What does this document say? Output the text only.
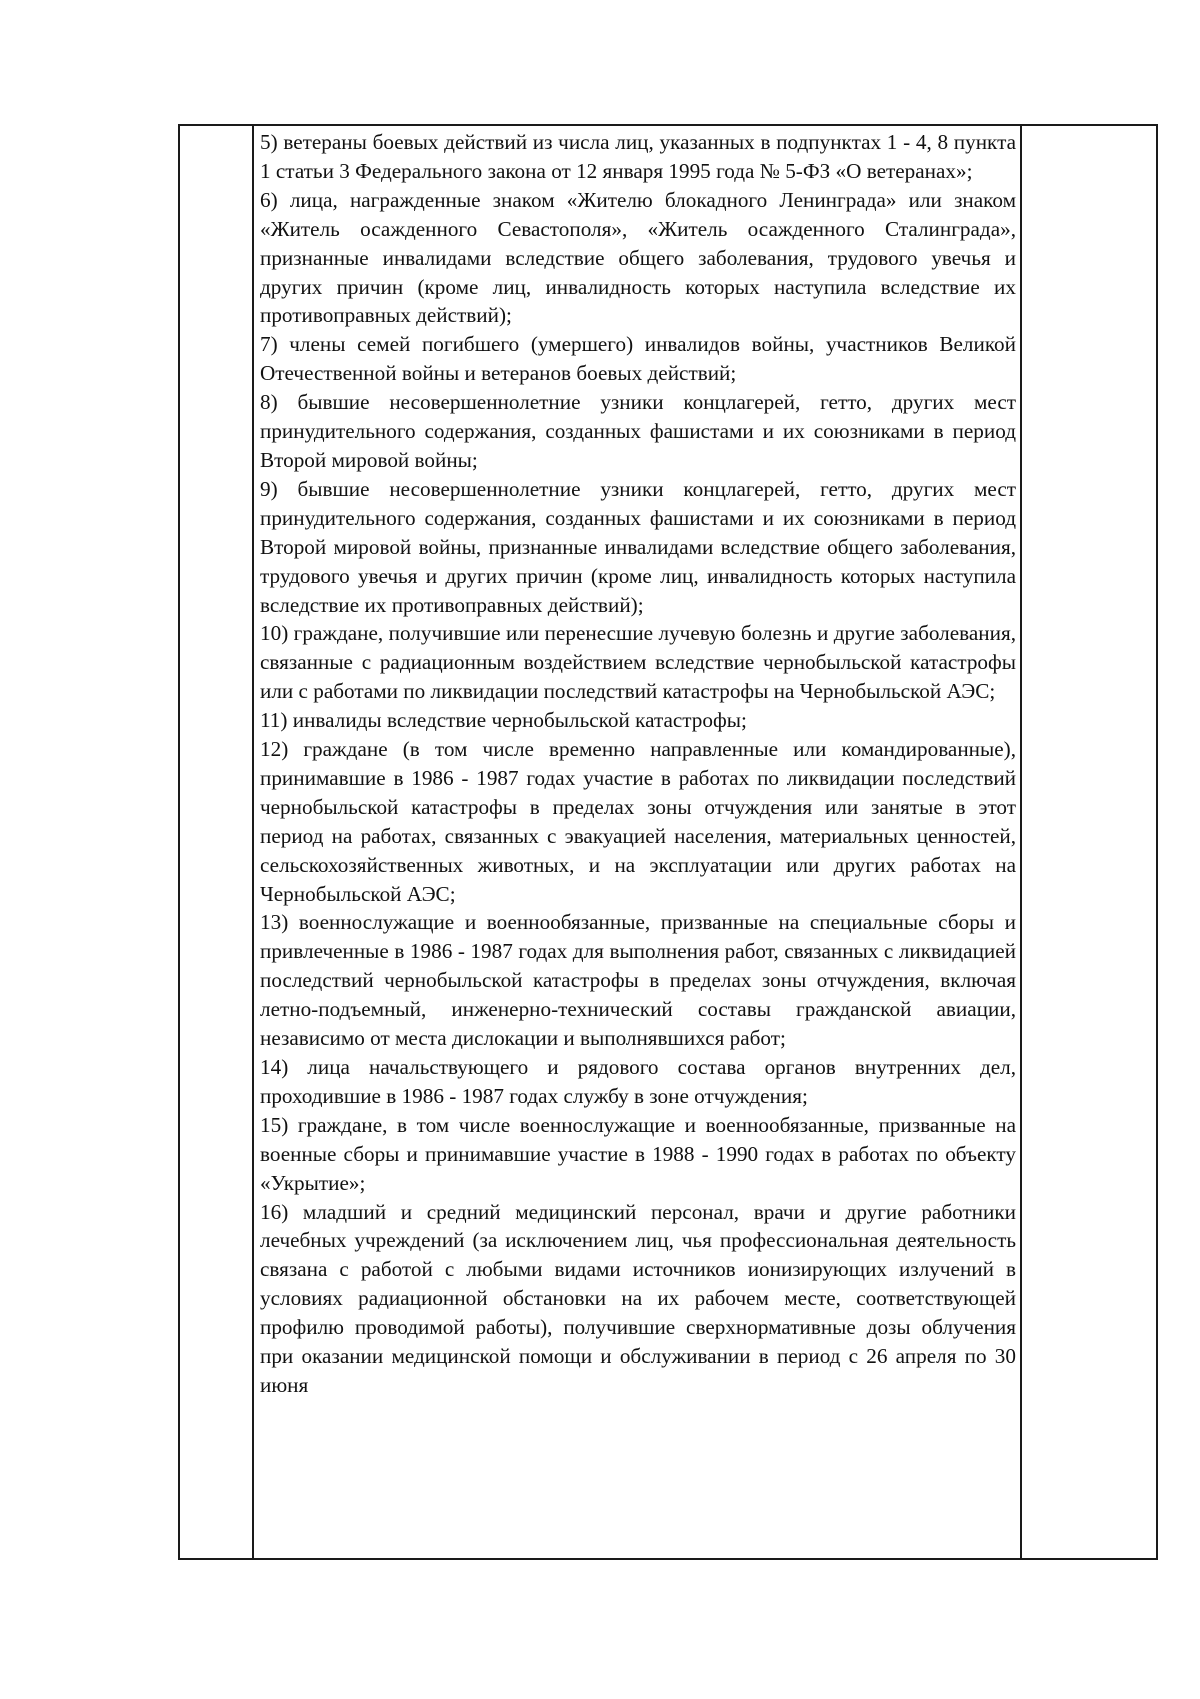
5) ветераны боевых действий из числа лиц, указанных в подпунктах 1 - 4, 8 пункта 1 статьи 3 Федерального закона от 12 января 1995 года № 5-ФЗ «О ветеранах»;

6) лица, награжденные знаком «Жителю блокадного Ленинграда» или знаком «Житель осажденного Севастополя», «Житель осажденного Сталинграда», признанные инвалидами вследствие общего заболевания, трудового увечья и других причин (кроме лиц, инвалидность которых наступила вследствие их противоправных действий);

7) члены семей погибшего (умершего) инвалидов войны, участников Великой Отечественной войны и ветеранов боевых действий;

8) бывшие несовершеннолетние узники концлагерей, гетто, других мест принудительного содержания, созданных фашистами и их союзниками в период Второй мировой войны;

9) бывшие несовершеннолетние узники концлагерей, гетто, других мест принудительного содержания, созданных фашистами и их союзниками в период Второй мировой войны, признанные инвалидами вследствие общего заболевания, трудового увечья и других причин (кроме лиц, инвалидность которых наступила вследствие их противоправных действий);

10) граждане, получившие или перенесшие лучевую болезнь и другие заболевания, связанные с радиационным воздействием вследствие чернобыльской катастрофы или с работами по ликвидации последствий катастрофы на Чернобыльской АЭС;

11) инвалиды вследствие чернобыльской катастрофы;

12) граждане (в том числе временно направленные или командированные), принимавшие в 1986 - 1987 годах участие в работах по ликвидации последствий чернобыльской катастрофы в пределах зоны отчуждения или занятые в этот период на работах, связанных с эвакуацией населения, материальных ценностей, сельскохозяйственных животных, и на эксплуатации или других работах на Чернобыльской АЭС;

13) военнослужащие и военнообязанные, призванные на специальные сборы и привлеченные в 1986 - 1987 годах для выполнения работ, связанных с ликвидацией последствий чернобыльской катастрофы в пределах зоны отчуждения, включая летно-подъемный, инженерно-технический составы гражданской авиации, независимо от места дислокации и выполнявшихся работ;

14) лица начальствующего и рядового состава органов внутренних дел, проходившие в 1986 - 1987 годах службу в зоне отчуждения;

15) граждане, в том числе военнослужащие и военнообязанные, призванные на военные сборы и принимавшие участие в 1988 - 1990 годах в работах по объекту «Укрытие»;

16) младший и средний медицинский персонал, врачи и другие работники лечебных учреждений (за исключением лиц, чья профессиональная деятельность связана с работой с любыми видами источников ионизирующих излучений в условиях радиационной обстановки на их рабочем месте, соответствующей профилю проводимой работы), получившие сверхнормативные дозы облучения при оказании медицинской помощи и обслуживании в период с 26 апреля по 30 июня
